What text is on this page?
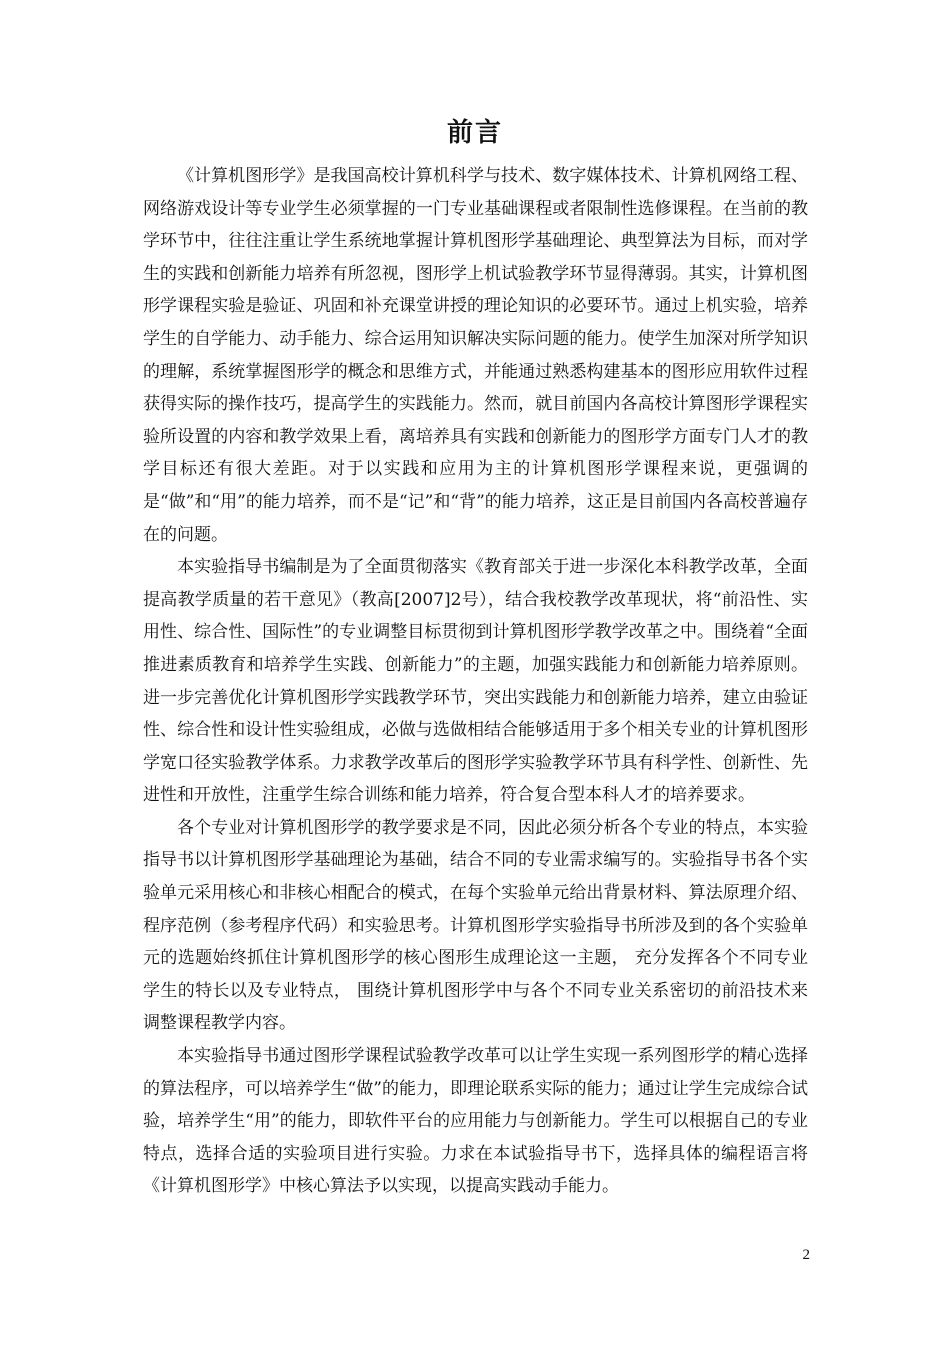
前言

《计算机图形学》是我国高校计算机科学与技术、数字媒体技术、计算机网络工程、网络游戏设计等专业学生必须掌握的一门专业基础课程或者限制性选修课程。在当前的教学环节中，往往注重让学生系统地掌握计算机图形学基础理论、典型算法为目标，而对学生的实践和创新能力培养有所忽视，图形学上机试验教学环节显得薄弱。其实，计算机图形学课程实验是验证、巩固和补充课堂讲授的理论知识的必要环节。通过上机实验，培养学生的自学能力、动手能力、综合运用知识解决实际问题的能力。使学生加深对所学知识的理解，系统掌握图形学的概念和思维方式，并能通过熟悉构建基本的图形应用软件过程获得实际的操作技巧，提高学生的实践能力。然而，就目前国内各高校计算图形学课程实验所设置的内容和教学效果上看，离培养具有实践和创新能力的图形学方面专门人才的教学目标还有很大差距。对于以实践和应用为主的计算机图形学课程来说，更强调的是“做”和“用”的能力培养，而不是“记”和“背”的能力培养，这正是目前国内各高校普遍存在的问题。

本实验指导书编制是为了全面贯彻落实《教育部关于进一步深化本科教学改革，全面提高教学质量的若干意见》（教高[2007]2号），结合我校教学改革现状，将“前沿性、实用性、综合性、国际性”的专业调整目标贯彻到计算机图形学教学改革之中。围绕着“全面推进素质教育和培养学生实践、创新能力”的主题，加强实践能力和创新能力培养原则。进一步完善优化计算机图形学实践教学环节，突出实践能力和创新能力培养，建立由验证性、综合性和设计性实验组成，必做与选做相结合能够适用于多个相关专业的计算机图形学宽口径实验教学体系。力求教学改革后的图形学实验教学环节具有科学性、创新性、先进性和开放性，注重学生综合训练和能力培养，符合复合型本科人才的培养要求。

各个专业对计算机图形学的教学要求是不同，因此必须分析各个专业的特点，本实验指导书以计算机图形学基础理论为基础，结合不同的专业需求编写的。实验指导书各个实验单元采用核心和非核心相配合的模式，在每个实验单元给出背景材料、算法原理介绍、程序范例（参考程序代码）和实验思考。计算机图形学实验指导书所涉及到的各个实验单元的选题始终抓住计算机图形学的核心图形生成理论这一主题， 充分发挥各个不同专业学生的特长以及专业特点， 围绕计算机图形学中与各个不同专业关系密切的前沿技术来调整课程教学内容。

本实验指导书通过图形学课程试验教学改革可以让学生实现一系列图形学的精心选择的算法程序，可以培养学生“做”的能力，即理论联系实际的能力；通过让学生完成综合试验，培养学生“用”的能力，即软件平台的应用能力与创新能力。学生可以根据自己的专业特点，选择合适的实验项目进行实验。力求在本试验指导书下，选择具体的编程语言将《计算机图形学》中核心算法予以实现，以提高实践动手能力。

2
